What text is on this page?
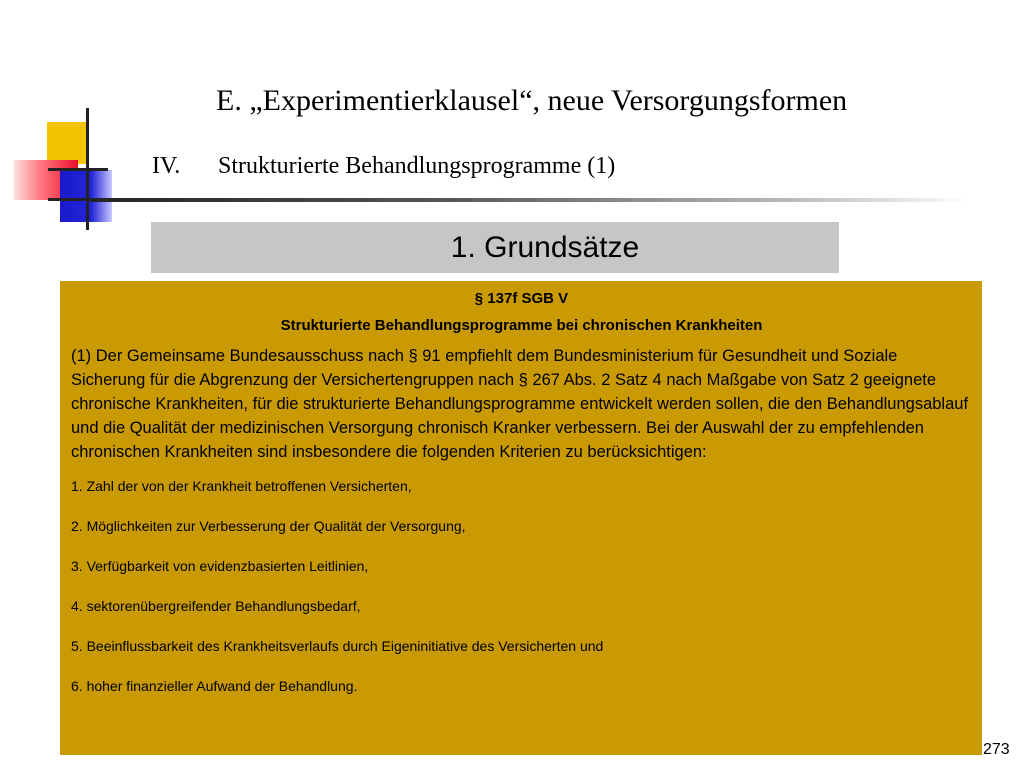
E. „Experimentierklausel“, neue Versorgungsformen
IV. Strukturierte Behandlungsprogramme (1)
1. Grundsätze
§ 137f SGB V
Strukturierte Behandlungsprogramme bei chronischen Krankheiten
(1) Der Gemeinsame Bundesausschuss nach § 91 empfiehlt dem Bundesministerium für Gesundheit und Soziale Sicherung für die Abgrenzung der Versichertengruppen nach § 267 Abs. 2 Satz 4 nach Maßgabe von Satz 2 geeignete chronische Krankheiten, für die strukturierte Behandlungsprogramme entwickelt werden sollen, die den Behandlungsablauf und die Qualität der medizinischen Versorgung chronisch Kranker verbessern. Bei der Auswahl der zu empfehlenden chronischen Krankheiten sind insbesondere die folgenden Kriterien zu berücksichtigen:
1. Zahl der von der Krankheit betroffenen Versicherten,
2. Möglichkeiten zur Verbesserung der Qualität der Versorgung,
3. Verfügbarkeit von evidenzbasierten Leitlinien,
4. sektorenübergreifender Behandlungsbedarf,
5. Beeinflussbarkeit des Krankheitsverlaufs durch Eigeninitiative des Versicherten und
6. hoher finanzieller Aufwand der Behandlung.
273
